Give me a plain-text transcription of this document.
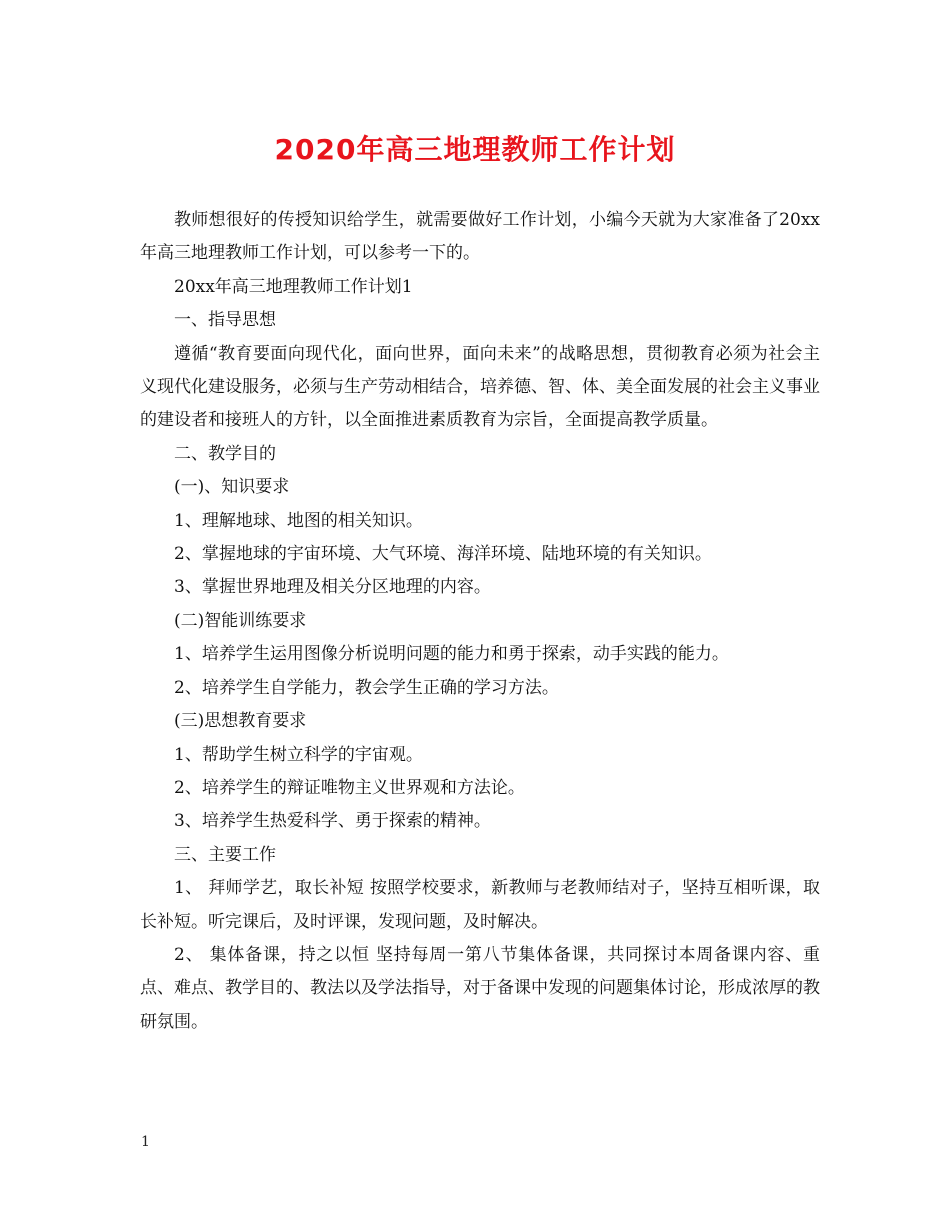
2020年高三地理教师工作计划

教师想很好的传授知识给学生，就需要做好工作计划，小编今天就为大家准备了20xx年高三地理教师工作计划，可以参考一下的。

20xx年高三地理教师工作计划1

一、指导思想

遵循“教育要面向现代化，面向世界，面向未来”的战略思想，贯彻教育必须为社会主义现代化建设服务，必须与生产劳动相结合，培养德、智、体、美全面发展的社会主义事业的建设者和接班人的方针，以全面推进素质教育为宗旨，全面提高教学质量。

二、教学目的

(一)、知识要求

1、理解地球、地图的相关知识。

2、掌握地球的宇宙环境、大气环境、海洋环境、陆地环境的有关知识。

3、掌握世界地理及相关分区地理的内容。

(二)智能训练要求

1、培养学生运用图像分析说明问题的能力和勇于探索，动手实践的能力。

2、培养学生自学能力，教会学生正确的学习方法。

(三)思想教育要求

1、帮助学生树立科学的宇宙观。

2、培养学生的辩证唯物主义世界观和方法论。

3、培养学生热爱科学、勇于探索的精神。

三、主要工作

1、 拜师学艺，取长补短 按照学校要求，新教师与老教师结对子，坚持互相听课，取长补短。听完课后，及时评课，发现问题，及时解决。

2、 集体备课，持之以恒 坚持每周一第八节集体备课，共同探讨本周备课内容、重点、难点、教学目的、教法以及学法指导，对于备课中发现的问题集体讨论，形成浓厚的教研氛围。

1
